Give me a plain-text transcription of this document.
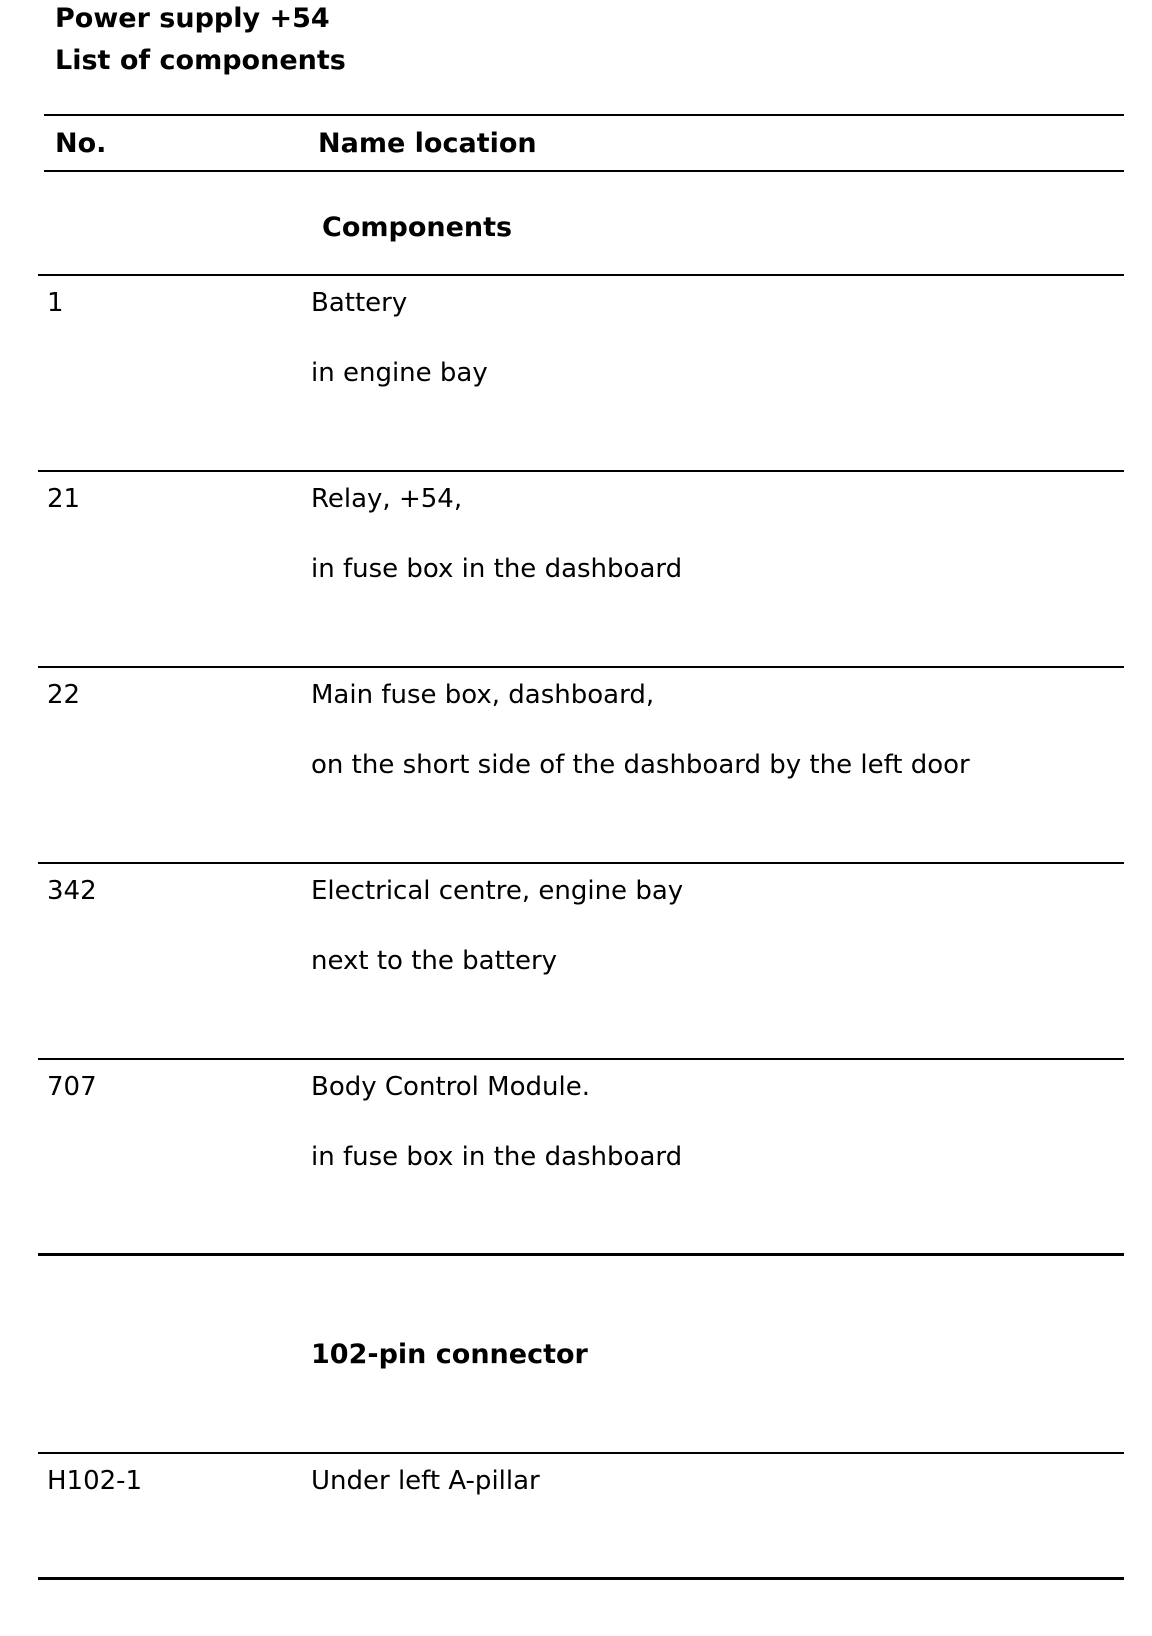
Power supply +54
List of components
No.	Name location
Components
1	Battery
in engine bay
21	Relay, +54,
in fuse box in the dashboard
22	Main fuse box, dashboard,
on the short side of the dashboard by the left door
342	Electrical centre, engine bay
next to the battery
707	Body Control Module.
in fuse box in the dashboard
102-pin connector
H102-1	Under left A-pillar
